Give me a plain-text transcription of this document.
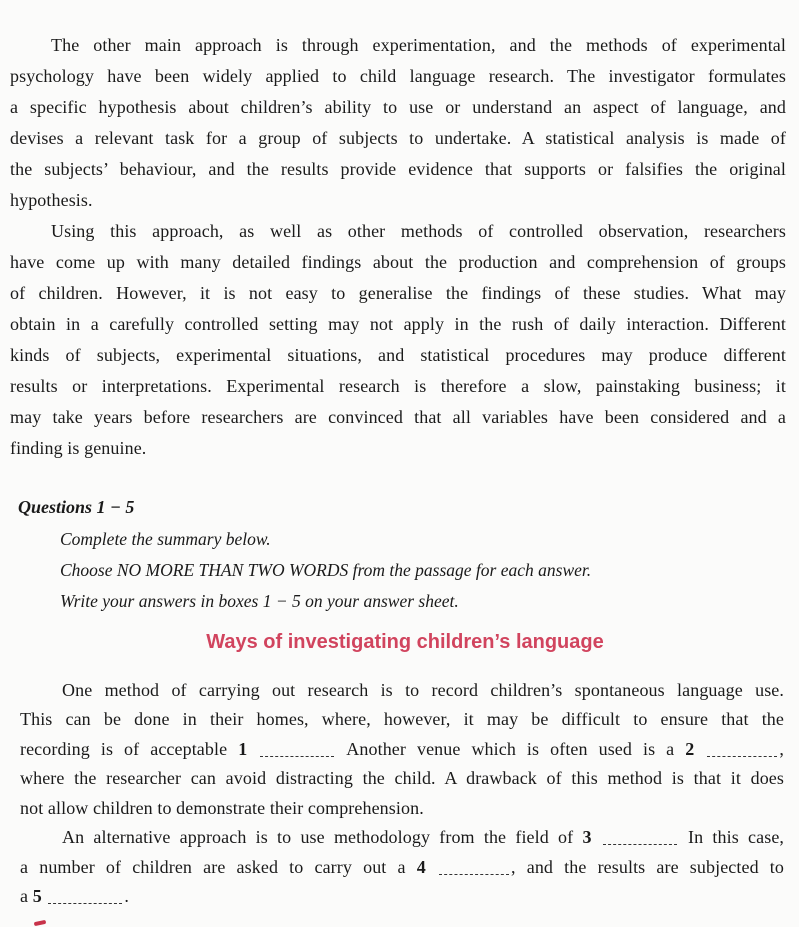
The other main approach is through experimentation, and the methods of experimental
psychology have been widely applied to child language research. The investigator formulates
a specific hypothesis about children’s ability to use or understand an aspect of language, and
devises a relevant task for a group of subjects to undertake. A statistical analysis is made of
the subjects’ behaviour, and the results provide evidence that supports or falsifies the original
hypothesis.
Using this approach, as well as other methods of controlled observation, researchers
have come up with many detailed findings about the production and comprehension of groups
of children. However, it is not easy to generalise the findings of these studies. What may
obtain in a carefully controlled setting may not apply in the rush of daily interaction. Different
kinds of subjects, experimental situations, and statistical procedures may produce different
results or interpretations. Experimental research is therefore a slow, painstaking business; it
may take years before researchers are convinced that all variables have been considered and a
finding is genuine.
Questions 1 − 5
Complete the summary below.
Choose NO MORE THAN TWO WORDS from the passage for each answer.
Write your answers in boxes 1 − 5 on your answer sheet.
Ways of investigating children’s language
One method of carrying out research is to record children’s spontaneous language use.
This can be done in their homes, where, however, it may be difficult to ensure that the
recording is of acceptable 1	Another venue which is often used is a 2	,
where the researcher can avoid distracting the child. A drawback of this method is that it does
not allow children to demonstrate their comprehension.
An alternative approach is to use methodology from the field of 3	In this case,
a number of children are asked to carry out a 4	, and the results are subjected to
a 5	.
